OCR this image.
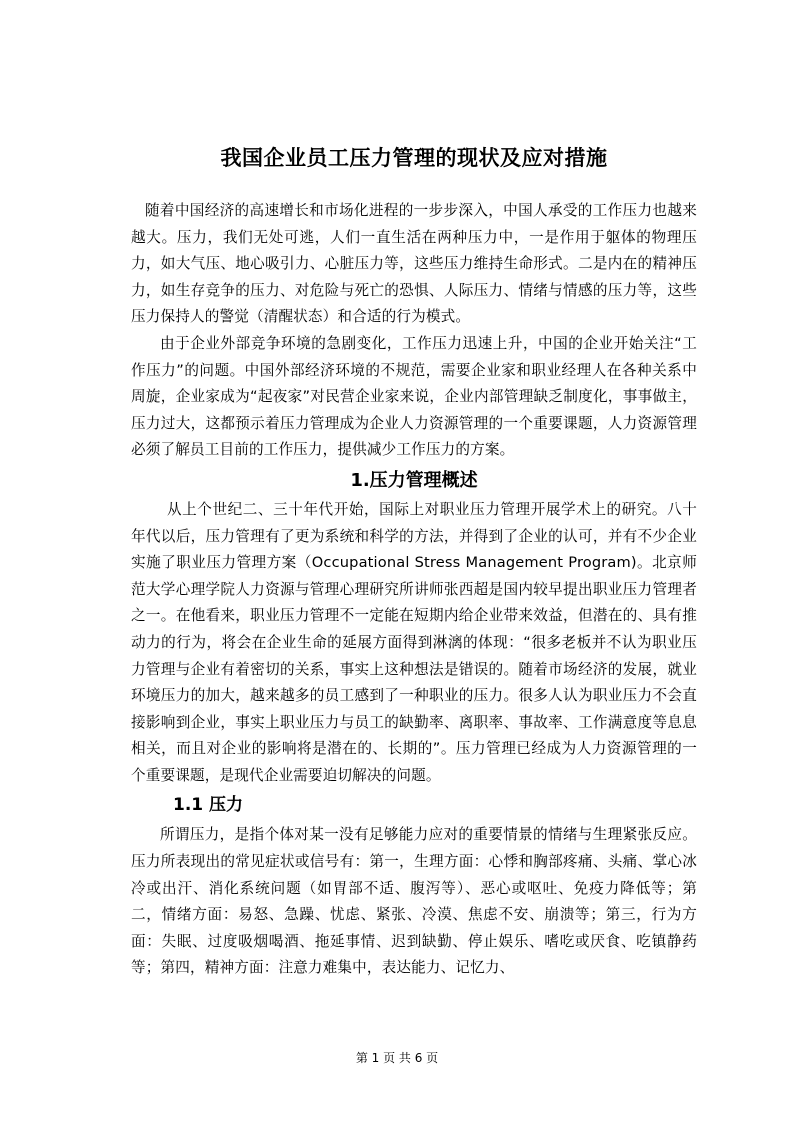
我国企业员工压力管理的现状及应对措施

随着中国经济的高速增长和市场化进程的一步步深入，中国人承受的工作压力也越来越大。压力，我们无处可逃，人们一直生活在两种压力中，一是作用于躯体的物理压力，如大气压、地心吸引力、心脏压力等，这些压力维持生命形式。二是内在的精神压力，如生存竞争的压力、对危险与死亡的恐惧、人际压力、情绪与情感的压力等，这些压力保持人的警觉（清醒状态）和合适的行为模式。

由于企业外部竞争环境的急剧变化，工作压力迅速上升，中国的企业开始关注“工作压力”的问题。中国外部经济环境的不规范，需要企业家和职业经理人在各种关系中周旋，企业家成为“起夜家”对民营企业家来说，企业内部管理缺乏制度化，事事做主，压力过大，这都预示着压力管理成为企业人力资源管理的一个重要课题，人力资源管理必须了解员工目前的工作压力，提供减少工作压力的方案。

1.压力管理概述

从上个世纪二、三十年代开始，国际上对职业压力管理开展学术上的研究。八十年代以后，压力管理有了更为系统和科学的方法，并得到了企业的认可，并有不少企业实施了职业压力管理方案（Occupational Stress Management Program)。北京师范大学心理学院人力资源与管理心理研究所讲师张西超是国内较早提出职业压力管理者之一。在他看来，职业压力管理不一定能在短期内给企业带来效益，但潜在的、具有推动力的行为，将会在企业生命的延展方面得到淋漓的体现：“很多老板并不认为职业压力管理与企业有着密切的关系，事实上这种想法是错误的。随着市场经济的发展，就业环境压力的加大，越来越多的员工感到了一种职业的压力。很多人认为职业压力不会直接影响到企业，事实上职业压力与员工的缺勤率、离职率、事故率、工作满意度等息息相关，而且对企业的影响将是潜在的、长期的”。压力管理已经成为人力资源管理的一个重要课题，是现代企业需要迫切解决的问题。

1.1 压力

所谓压力，是指个体对某一没有足够能力应对的重要情景的情绪与生理紧张反应。压力所表现出的常见症状或信号有：第一，生理方面：心悸和胸部疼痛、头痛、掌心冰冷或出汗、消化系统问题（如胃部不适、腹泻等）、恶心或呕吐、免疫力降低等；第二，情绪方面：易怒、急躁、忧虑、紧张、冷漠、焦虑不安、崩溃等；第三，行为方面：失眠、过度吸烟喝酒、拖延事情、迟到缺勤、停止娱乐、嗜吃或厌食、吃镇静药等；第四，精神方面：注意力难集中，表达能力、记忆力、

第 1 页 共 6 页
